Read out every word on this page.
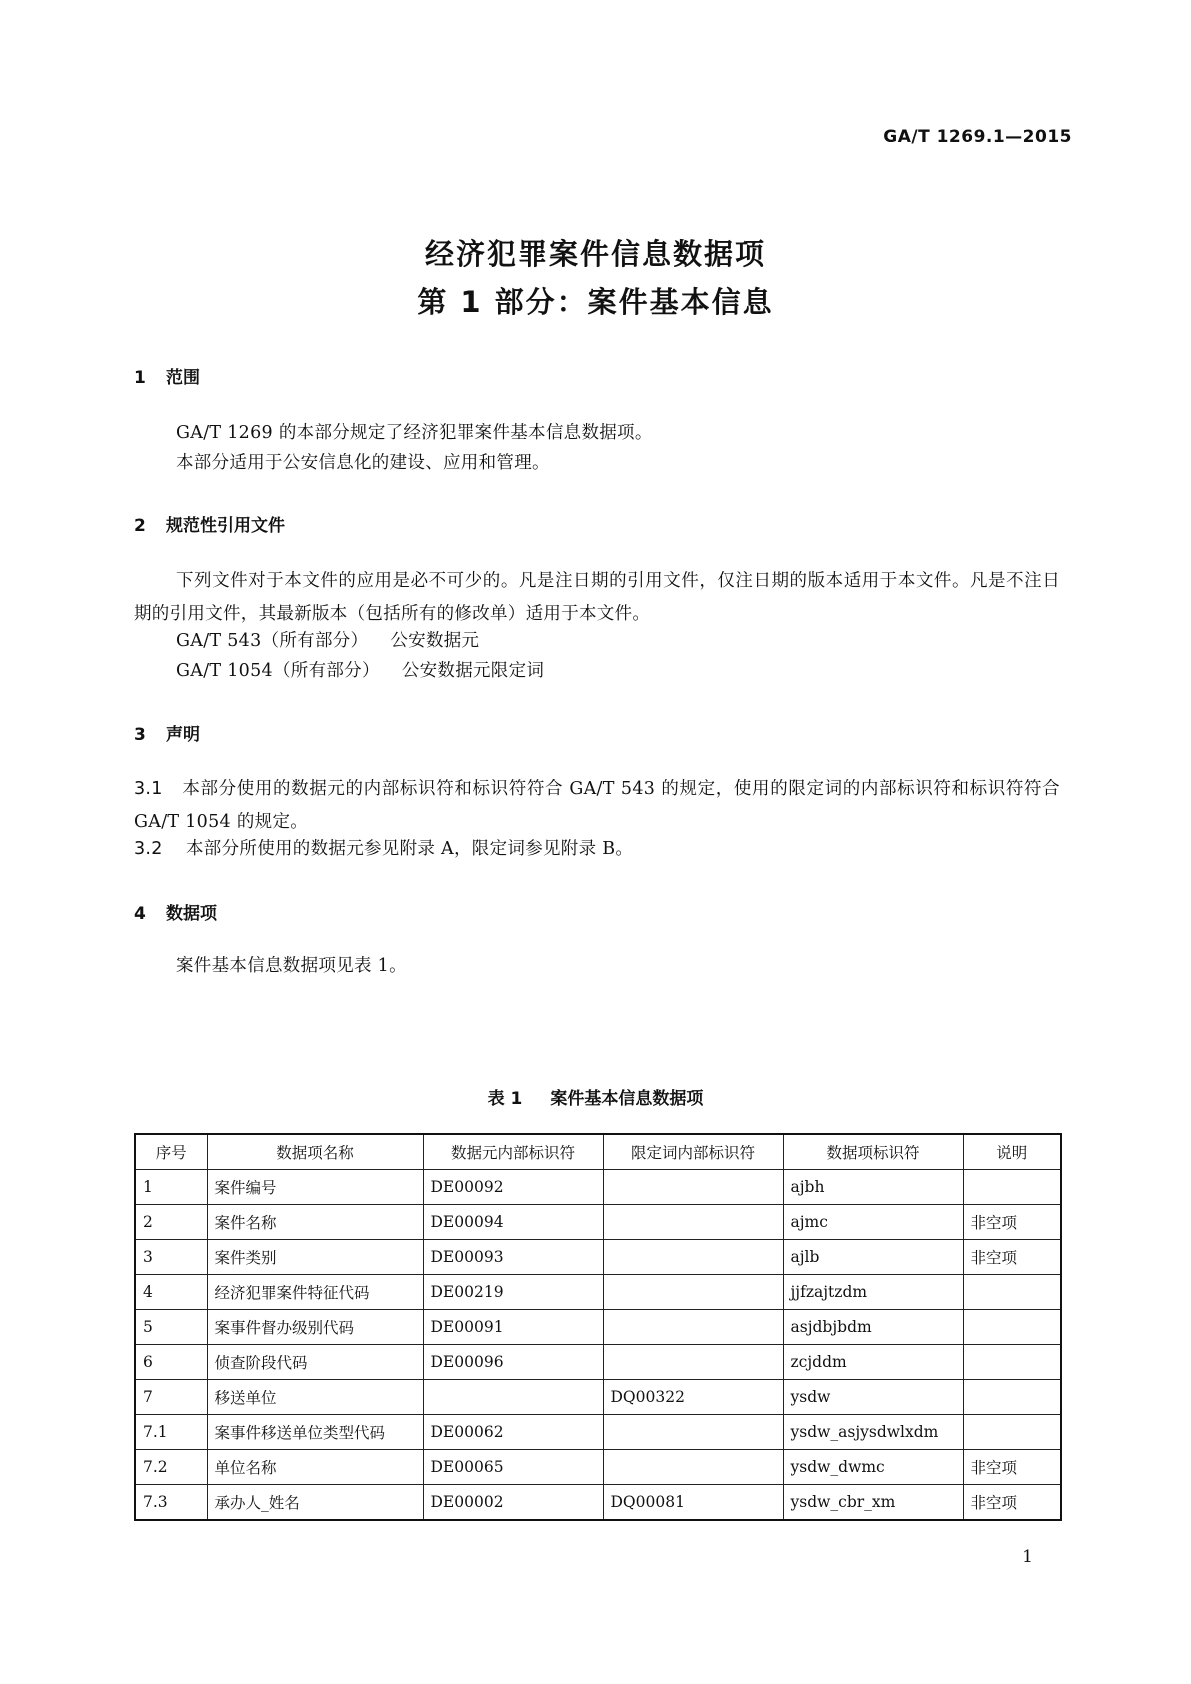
GA/T 1269.1—2015
经济犯罪案件信息数据项
第 1 部分：案件基本信息
1 范围
GA/T 1269 的本部分规定了经济犯罪案件基本信息数据项。
本部分适用于公安信息化的建设、应用和管理。
2 规范性引用文件
下列文件对于本文件的应用是必不可少的。凡是注日期的引用文件，仅注日期的版本适用于本文件。凡是不注日期的引用文件，其最新版本（包括所有的修改单）适用于本文件。
GA/T 543（所有部分） 公安数据元
GA/T 1054（所有部分） 公安数据元限定词
3 声明
3.1 本部分使用的数据元的内部标识符和标识符符合 GA/T 543 的规定，使用的限定词的内部标识符和标识符符合 GA/T 1054 的规定。
3.2 本部分所使用的数据元参见附录 A，限定词参见附录 B。
4 数据项
案件基本信息数据项见表 1。
表 1 案件基本信息数据项
序号	数据项名称	数据元内部标识符	限定词内部标识符	数据项标识符	说明
1	案件编号	DE00092		ajbh	
2	案件名称	DE00094		ajmc	非空项
3	案件类别	DE00093		ajlb	非空项
4	经济犯罪案件特征代码	DE00219		jjfzajtzdm	
5	案事件督办级别代码	DE00091		asjdbjbdm	
6	侦查阶段代码	DE00096		zcjddm	
7	移送单位		DQ00322	ysdw	
7.1	案事件移送单位类型代码	DE00062		ysdw_asjysdwlxdm	
7.2	单位名称	DE00065		ysdw_dwmc	非空项
7.3	承办人_姓名	DE00002	DQ00081	ysdw_cbr_xm	非空项
1
